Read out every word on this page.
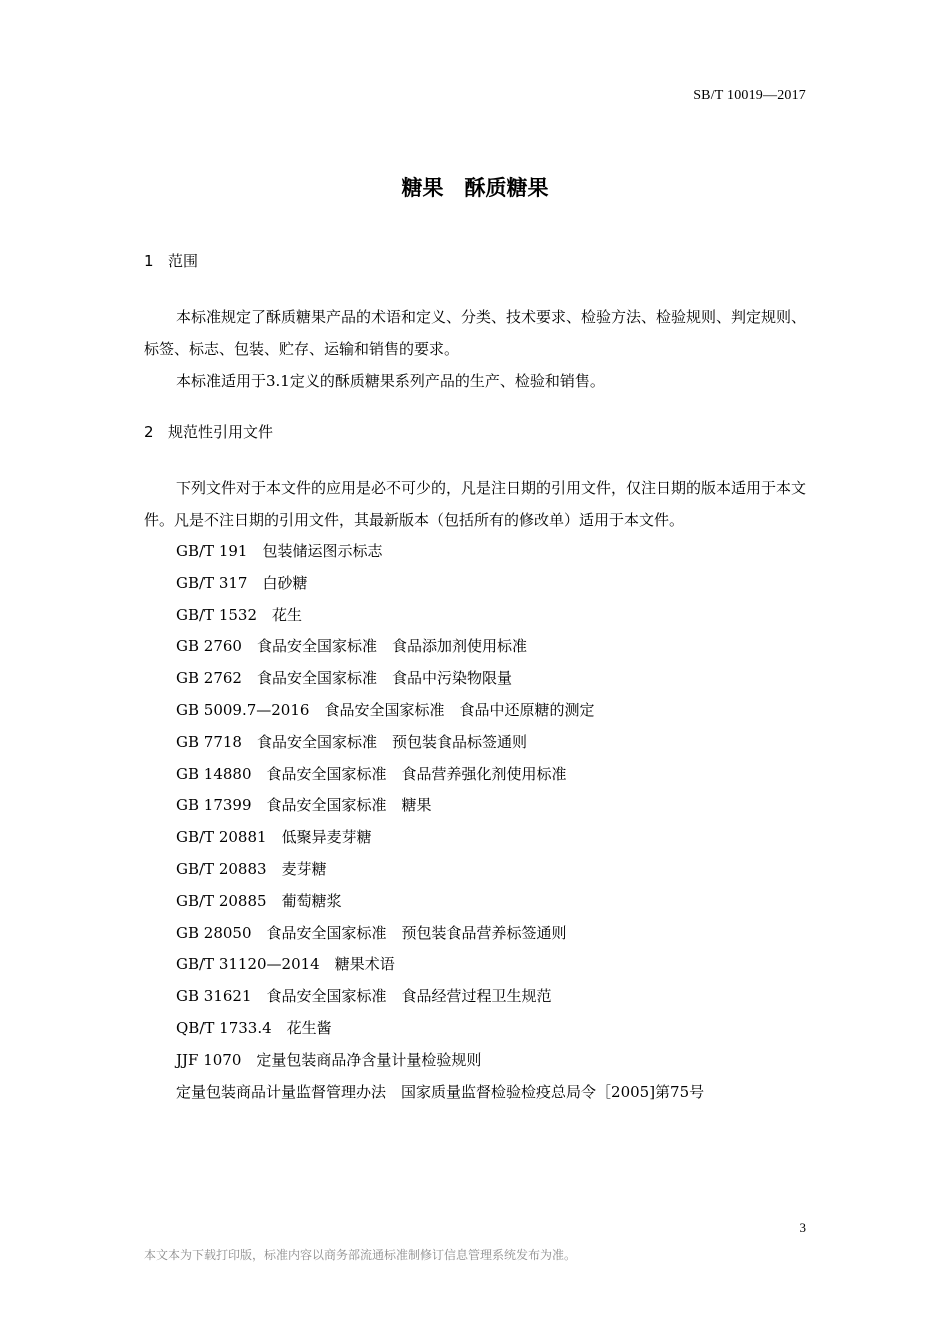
SB/T 10019—2017
糖果　酥质糖果
1 范围

本标准规定了酥质糖果产品的术语和定义、分类、技术要求、检验方法、检验规则、判定规则、标签、标志、包装、贮存、运输和销售的要求。

本标准适用于3.1定义的酥质糖果系列产品的生产、检验和销售。

2 规范性引用文件

下列文件对于本文件的应用是必不可少的，凡是注日期的引用文件，仅注日期的版本适用于本文件。凡是不注日期的引用文件，其最新版本（包括所有的修改单）适用于本文件。

GB/T 191　 包装储运图示标志
GB/T 317　 白砂糖
GB/T 1532　 花生
GB 2760　 食品安全国家标准　食品添加剂使用标准
GB 2762　 食品安全国家标准　食品中污染物限量
GB 5009.7—2016　 食品安全国家标准　食品中还原糖的测定
GB 7718　 食品安全国家标准　预包装食品标签通则
GB 14880　 食品安全国家标准　食品营养强化剂使用标准
GB 17399　 食品安全国家标准　糖果
GB/T 20881　 低聚异麦芽糖
GB/T 20883　 麦芽糖
GB/T 20885　 葡萄糖浆
GB 28050　 食品安全国家标准　预包装食品营养标签通则
GB/T 31120—2014　 糖果术语
GB 31621　 食品安全国家标准　食品经营过程卫生规范
QB/T 1733.4　 花生酱
JJF 1070　 定量包装商品净含量计量检验规则
定量包装商品计量监督管理办法　 国家质量监督检验检疫总局令［2005]第75号
3
本文本为下载打印版，标准内容以商务部流通标准制修订信息管理系统发布为准。
